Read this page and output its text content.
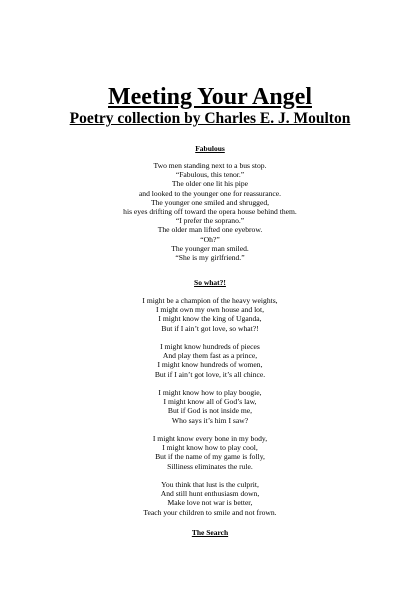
Meeting Your Angel
Poetry collection by Charles E. J. Moulton
Fabulous
Two men standing next to a bus stop.
“Fabulous, this tenor.”
The older one lit his pipe
and looked to the younger one for reassurance.
The younger one smiled and shrugged,
his eyes drifting off toward the opera house behind them.
“I prefer the soprano.”
The older man lifted one eyebrow.
“Oh?”
The younger man smiled.
“She is my girlfriend.”
So what?!
I might be a champion of the heavy weights,
I might own my own house and lot,
I might know the king of Uganda,
But if I ain’t got love, so what?!
I might know hundreds of pieces
And play them fast as a prince,
I might know hundreds of women,
But if I ain’t got love, it’s all chince.
I might know how to play boogie,
I might know all of God’s law,
But if God is not inside me,
Who says it’s him I saw?
I might know every bone in my body,
I might know how to play cool,
But if the name of my game is folly,
Silliness eliminates the rule.
You think that lust is the culprit,
And still hunt enthusiasm down,
Make love not war is better,
Teach your children to smile and not frown.
The Search
